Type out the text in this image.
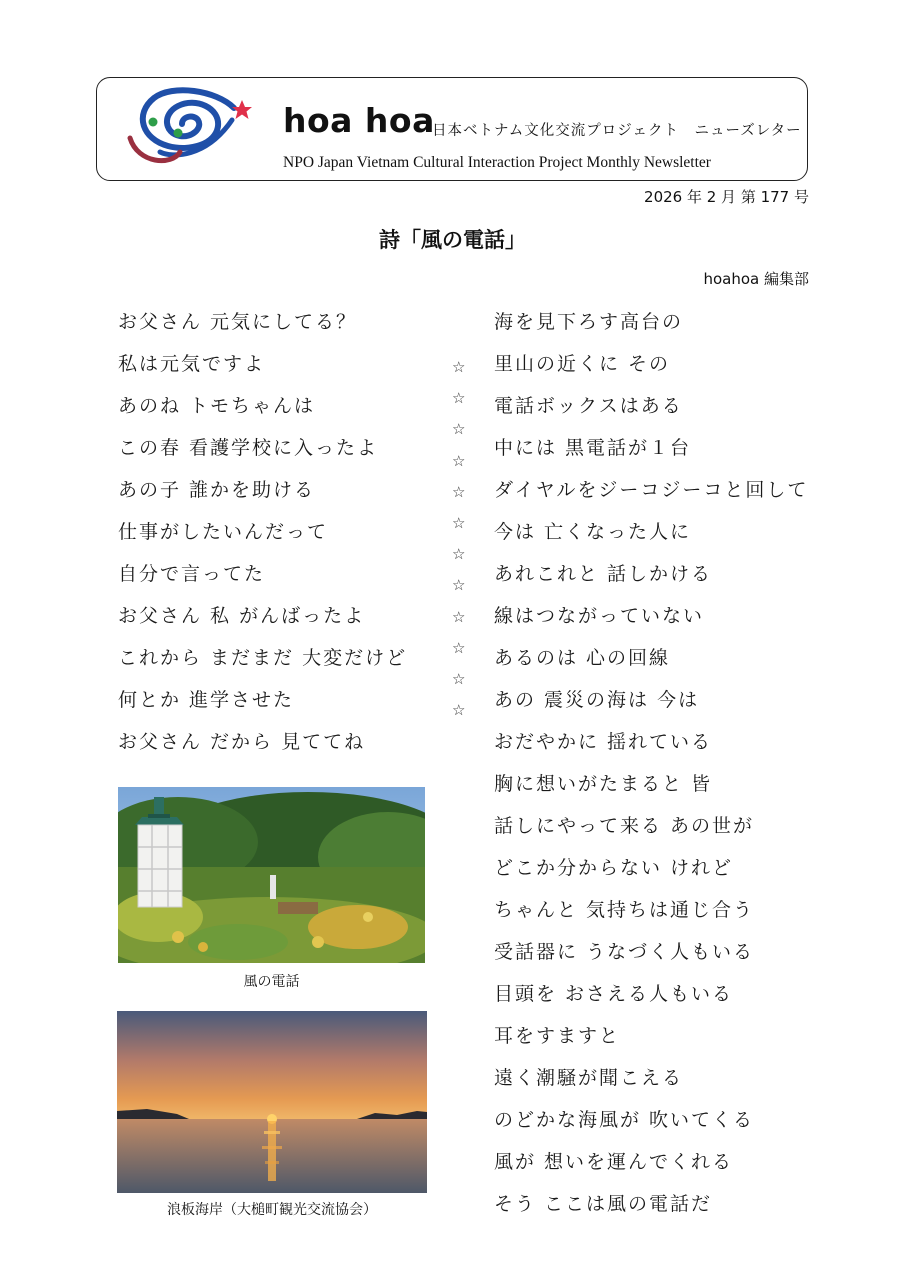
hoa hoa
日本ベトナム文化交流プロジェクト　ニューズレター
NPO Japan Vietnam Cultural Interaction Project Monthly Newsletter
2026 年 2 月 第 177 号
詩「風の電話」
hoahoa 編集部
お父さん 元気にしてる？
私は元気ですよ
あのね トモちゃんは
この春 看護学校に入ったよ
あの子 誰かを助ける
仕事がしたいんだって
自分で言ってた
お父さん 私 がんばったよ
これから まだまだ 大変だけど
何とか 進学させた
お父さん だから 見ててね
☆
☆
☆
☆
☆
☆
☆
☆
☆
☆
☆
☆
海を見下ろす高台の
里山の近くに その
電話ボックスはある
中には 黒電話が１台
ダイヤルをジーコジーコと回して
今は 亡くなった人に
あれこれと 話しかける
線はつながっていない
あるのは 心の回線
あの 震災の海は 今は
おだやかに 揺れている
胸に想いがたまると 皆
話しにやって来る あの世が
どこか分からない けれど
ちゃんと 気持ちは通じ合う
受話器に うなづく人もいる
目頭を おさえる人もいる
耳をすますと
遠く潮騒が聞こえる
のどかな海風が 吹いてくる
風が 想いを運んでくれる
そう ここは風の電話だ
風の電話
浪板海岸（大槌町観光交流協会）
